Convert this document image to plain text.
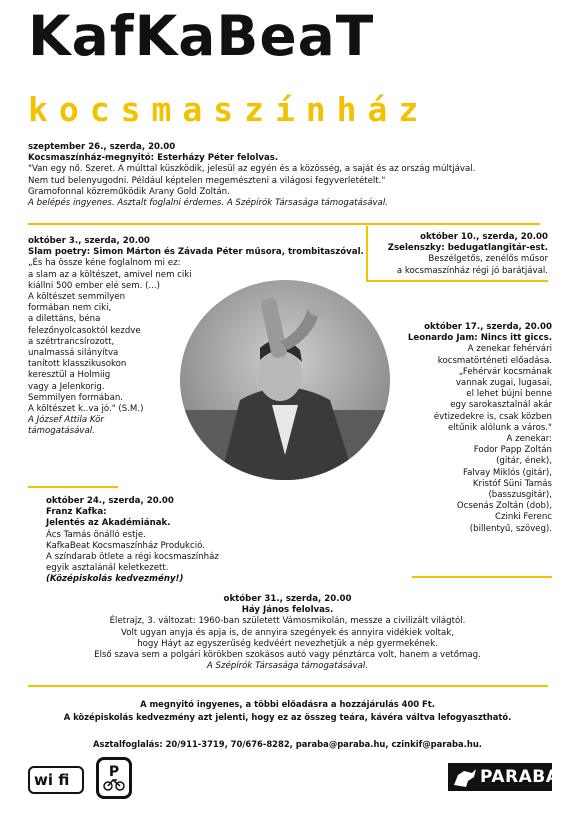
KafKaBeaT
kocsmaszínház
szeptember 26., szerda, 20.00
Kocsmaszínház-megnyitó: Esterházy Péter felolvas.
"Van egy nő. Szeret. A múlttal küszködik, jelesül az egyén és a közösség, a saját és az ország múltjával.
Nem tud belenyugodni. Például képtelen megemészteni a világosi fegyverletételt."
Gramofonnal közreműködik Arany Gold Zoltán.
A belépés ingyenes. Asztalt foglalni érdemes. A Szépírók Társasága támogatásával.
október 10., szerda, 20.00
Zselenszky: bedugatlangitár-est.
Beszélgetős, zenélős műsor
a kocsmaszínház régi jó barátjával.
október 3., szerda, 20.00
Slam poetry: Simon Márton és Závada Péter műsora, trombitaszóval.
„És ha össze kéne foglalnom mi ez:
a slam az a költészet, amivel nem ciki
kiállni 500 ember elé sem. (...)
A költészet semmilyen
formában nem ciki,
a dilettáns, béna
felezőnyolcasoktól kezdve
a szétrtrancsírozott,
unalmassá silányítva
tanított klasszikusokon
keresztül a Holmiig
vagy a Jelenkorig.
Semmilyen formában.
A költészet k..va jó." (S.M.)
A József Attila Kör
támogatásával.
október 17., szerda, 20.00
Leonardo Jam: Nincs itt giccs.
A zenekar fehérvári
kocsmatörténeti előadása.
„Fehérvár kocsmának
vannak zugai, lugasai,
el lehet bújni benne
egy sarokasztalnál akár
évtizedekre is, csak közben
eltűnik alólunk a város."
A zenekar:
Fodor Papp Zoltán
(gitár, ének),
Falvay Miklós (gitár),
Kristóf Süni Tamás
(basszusgitár),
Ocsenás Zoltán (dob),
Czinki Ferenc
(billentyű, szöveg).
október 24., szerda, 20.00
Franz Kafka:
Jelentés az Akadémiának.
Ács Tamás önálló estje.
KafkaBeat Kocsmaszínház Produkció.
A színdarab ötlete a régi kocsmaszínház
egyik asztalánál keletkezett.
(Középiskolás kedvezmény!)
október 31., szerda, 20.00
Háy János felolvas.
Életrajz, 3. változat: 1960-ban született Vámosmikolán, messze a civilizált világtól.
Volt ugyan anyja és apja is, de annyira szegények és annyira vidékiek voltak,
hogy Háyt az egyszerűség kedvéért nevezhetjük a nép gyermekének.
Első szava sem a polgári körökben szokásos autó vagy pénztárca volt, hanem a vetőmag.
A Szépírók Társasága támogatásával.
A megnyitó ingyenes, a többi előadásra a hozzájárulás 400 Ft.
A középiskolás kedvezmény azt jelenti, hogy ez az összeg teára, kávéra váltva lefogyasztható.
Asztalfoglalás: 20/911-3719, 70/676-8282, paraba@paraba.hu, czinkif@paraba.hu.
wi fi	P	PARABA
